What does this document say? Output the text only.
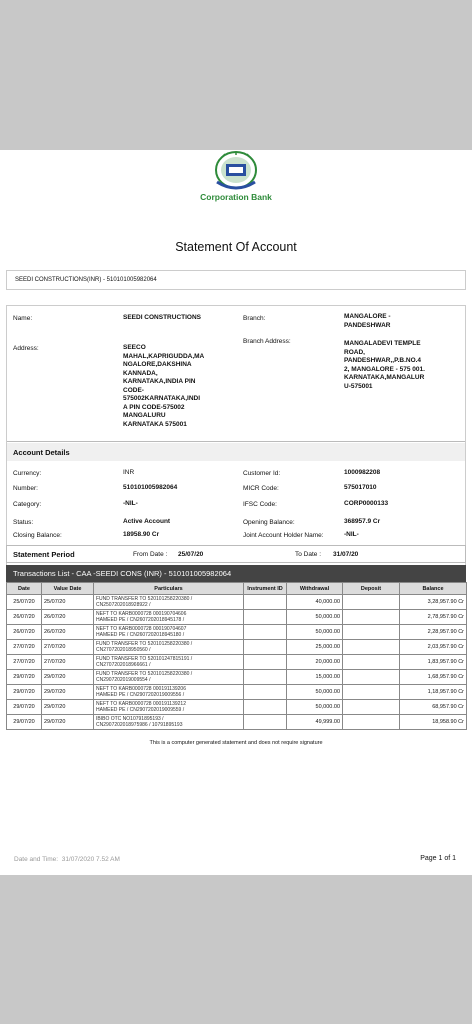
Corporation Bank
Statement Of Account
SEEDI CONSTRUCTIONS(INR) - 510101005982064
Name:	SEEDI CONSTRUCTIONS	Branch:	MANGALORE -
PANDESHWAR
Address:	SEECO
MAHAL,KAPRIGUDDA,MA
NGALORE,DAKSHINA
KANNADA,
KARNATAKA,INDIA PIN
CODE-
575002KARNATAKA,INDI
A PIN CODE-575002
MANGALURU
KARNATAKA 575001
Branch Address:	MANGALADEVI TEMPLE
ROAD,
PANDESHWAR,,P.B.NO.4
2, MANGALORE - 575 001.
KARNATAKA,MANGALUR
U-575001
Account Details
Currency:	INR	Customer Id:	1000982208
Number:	510101005982064	MICR Code:	575017010
Category:	-NIL-	IFSC Code:	CORP0000133
Status:	Active Account	Opening Balance:	368957.9 Cr
Closing Balance:	18958.90 Cr	Joint Account Holder Name:	-NIL-
Statement Period	From Date : 25/07/20	To Date : 31/07/20
Transactions List - CAA -SEEDI CONS (INR) - 510101005982064
Date	Value Date	Particulars	Instrument ID	Withdrawal	Deposit	Balance
25/07/20	25/07/20	FUND TRANSFER TO 520101258220380 /
CN2507202018928922 /		40,000.00		3,28,957.90 Cr
26/07/20	26/07/20	NEFT TO KARB0000728 000190704606
HAMEED PE / CN2607202018945178 /		50,000.00		2,78,957.90 Cr
26/07/20	26/07/20	NEFT TO KARB0000728 000190704607
HAMEED PE / CN2607202018945180 /		50,000.00		2,28,957.90 Cr
27/07/20	27/07/20	FUND TRANSFER TO 520101258220380 /
CN2707202018950560 /		25,000.00		2,03,957.90 Cr
27/07/20	27/07/20	FUND TRANSFER TO 520101247815191 /
CN2707202018966661 /		20,000.00		1,83,957.90 Cr
29/07/20	29/07/20	FUND TRANSFER TO 520101258220380 /
CN2907202019009554 /		15,000.00		1,68,957.90 Cr
29/07/20	29/07/20	NEFT TO KARB0000728 000191139206
HAMEED PE / CN2907202019009556 /		50,000.00		1,18,957.90 Cr
29/07/20	29/07/20	NEFT TO KARB0000728 000191139212
HAMEED PE / CN2907202019009559 /		50,000.00		68,957.90 Cr
29/07/20	29/07/20	IBIBO OTC NO10791895193 /
CN2907202018975986 / 10791895193		49,999.00		18,958.90 Cr
This is a computer generated statement and does not require signature
Date and Time: 31/07/2020 7.52 AM	Page 1 of 1
